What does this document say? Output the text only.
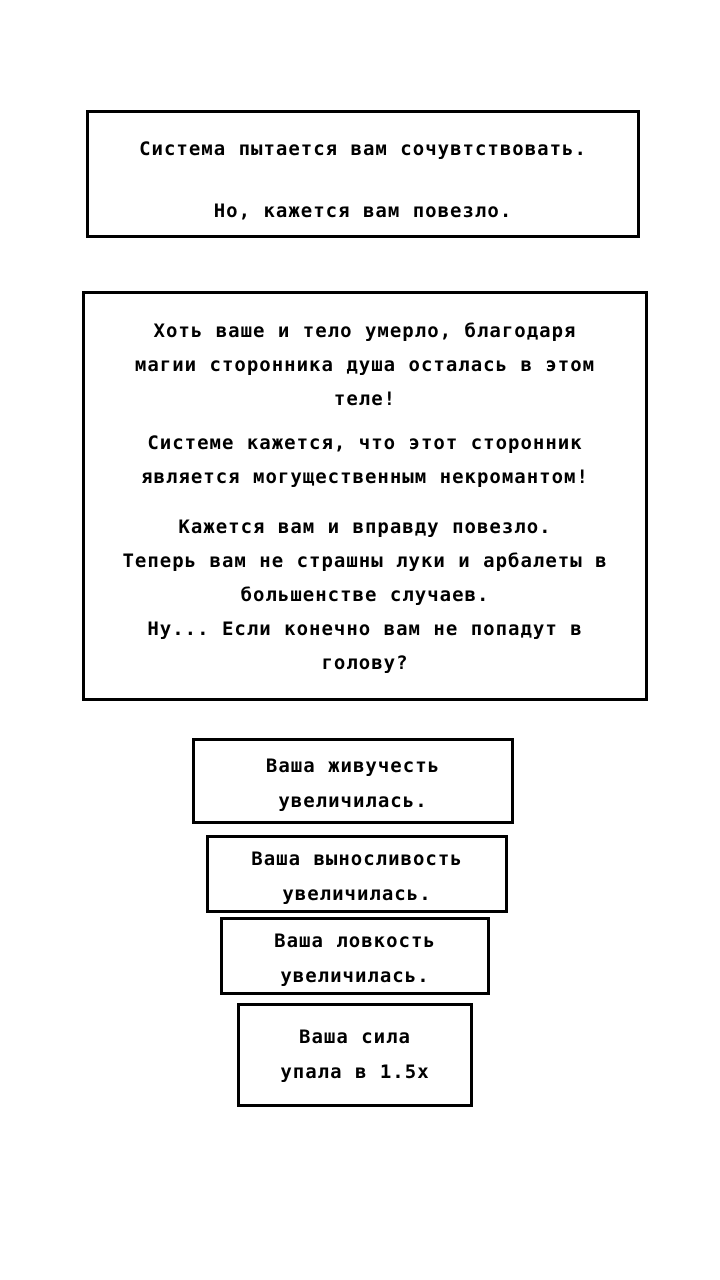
Система пытается вам сочувтствовать.
Но, кажется вам повезло.
Хоть ваше и тело умерло, благодаря
магии сторонника душа осталась в этом
теле!
Системе кажется, что этот сторонник
является могущественным некромантом!
Кажется вам и вправду повезло.
Теперь вам не страшны луки и арбалеты в
большенстве случаев.
Ну... Если конечно вам не попадут в
голову?
Ваша живучесть
увеличилась.
Ваша выносливость
увеличилась.
Ваша ловкость
увеличилась.
Ваша сила
упала в 1.5х
